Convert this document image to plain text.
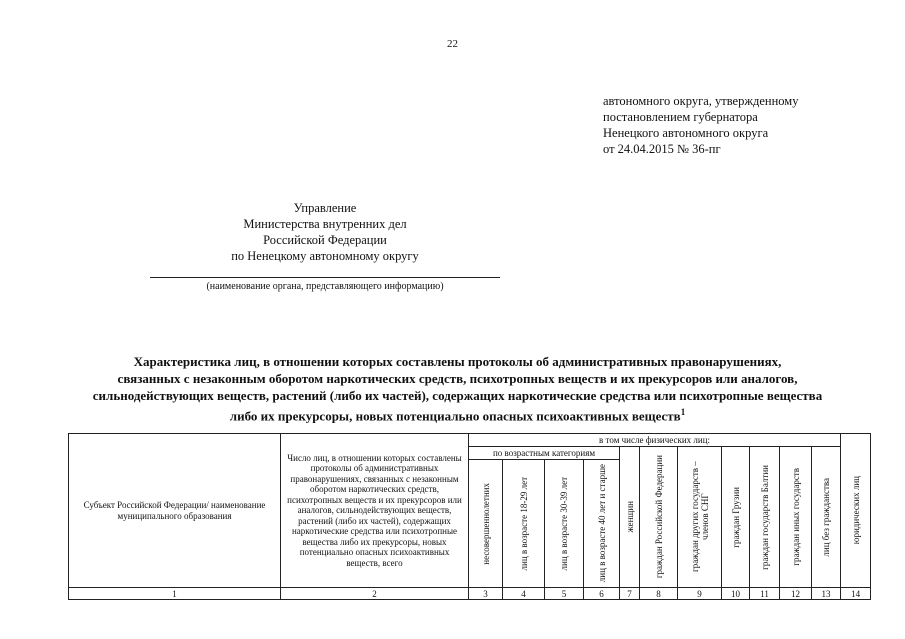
22
автономного округа, утвержденному
постановлением губернатора
Ненецкого автономного округа
от 24.04.2015 № 36-пг
Управление
Министерства внутренних дел
Российской Федерации
по Ненецкому автономному округу
(наименование органа, представляющего информацию)
Характеристика лиц, в отношении которых составлены протоколы об административных правонарушениях,
связанных с незаконным оборотом наркотических средств, психотропных веществ и их прекурсоров или аналогов,
сильнодействующих веществ, растений (либо их частей), содержащих наркотические средства или психотропные вещества
либо их прекурсоры, новых потенциально опасных психоактивных веществ$^1$
Субъект Российской Федерации/ наименование муниципального образования	Число лиц, в отношении которых составлены протоколы об административных правонарушениях, связанных с незаконным оборотом наркотических средств, психотропных веществ и их прекурсоров или аналогов, сильнодействующих веществ, растений (либо их частей), содержащих наркотические средства или психотропные вещества либо их прекурсоры, новых потенциально опасных психоактивных веществ, всего	в том числе физических лиц:											юридических лиц

		по возрастным категориям				женщин	граждан Российской Федерации	граждан других государств – членов СНГ	граждан Грузии	граждан государств Балтии	граждан иных государств	лиц без гражданства	

		несовершеннолетних	лиц в возрасте 18-29 лет	лиц в возрасте 30-39 лет	лиц в возрасте 40 лет и старше								

1	2	3	4	5	6	7	8	9	10	11	12	13	14
